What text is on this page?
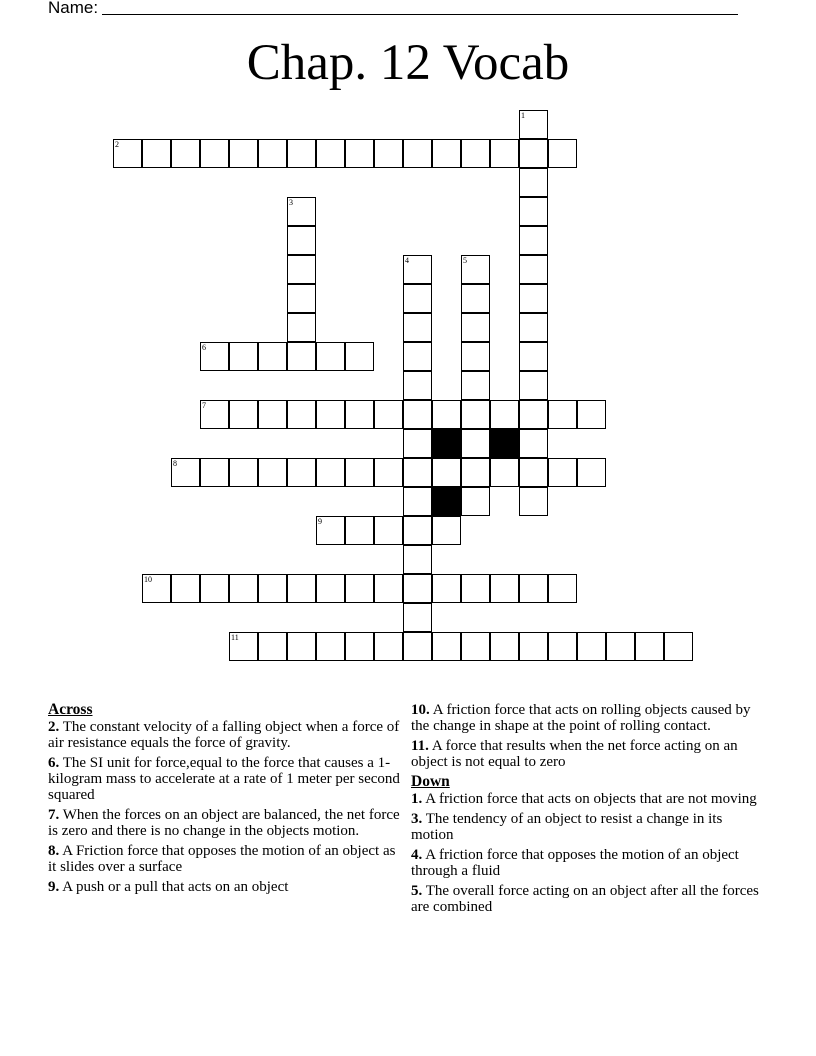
Name:
Chap. 12 Vocab
2
6
7
8
9
10
11
1
3
4	5
Across
2. The constant velocity of a falling object when a force of air resistance equals the force of gravity.
6. The SI unit for force,equal to the force that causes a 1-kilogram mass to accelerate at a rate of 1 meter per second squared
7. When the forces on an object are balanced, the net force is zero and there is no change in the objects motion.
8. A Friction force that opposes the motion of an object as it slides over a surface
9. A push or a pull that acts on an object
10. A friction force that acts on rolling objects caused by the change in shape at the point of rolling contact.
11. A force that results when the net force acting on an object is not equal to zero
Down
1. A friction force that acts on objects that are not moving
3. The tendency of an object to resist a change in its motion
4. A friction force that opposes the motion of an object through a fluid
5. The overall force acting on an object after all the forces are combined
